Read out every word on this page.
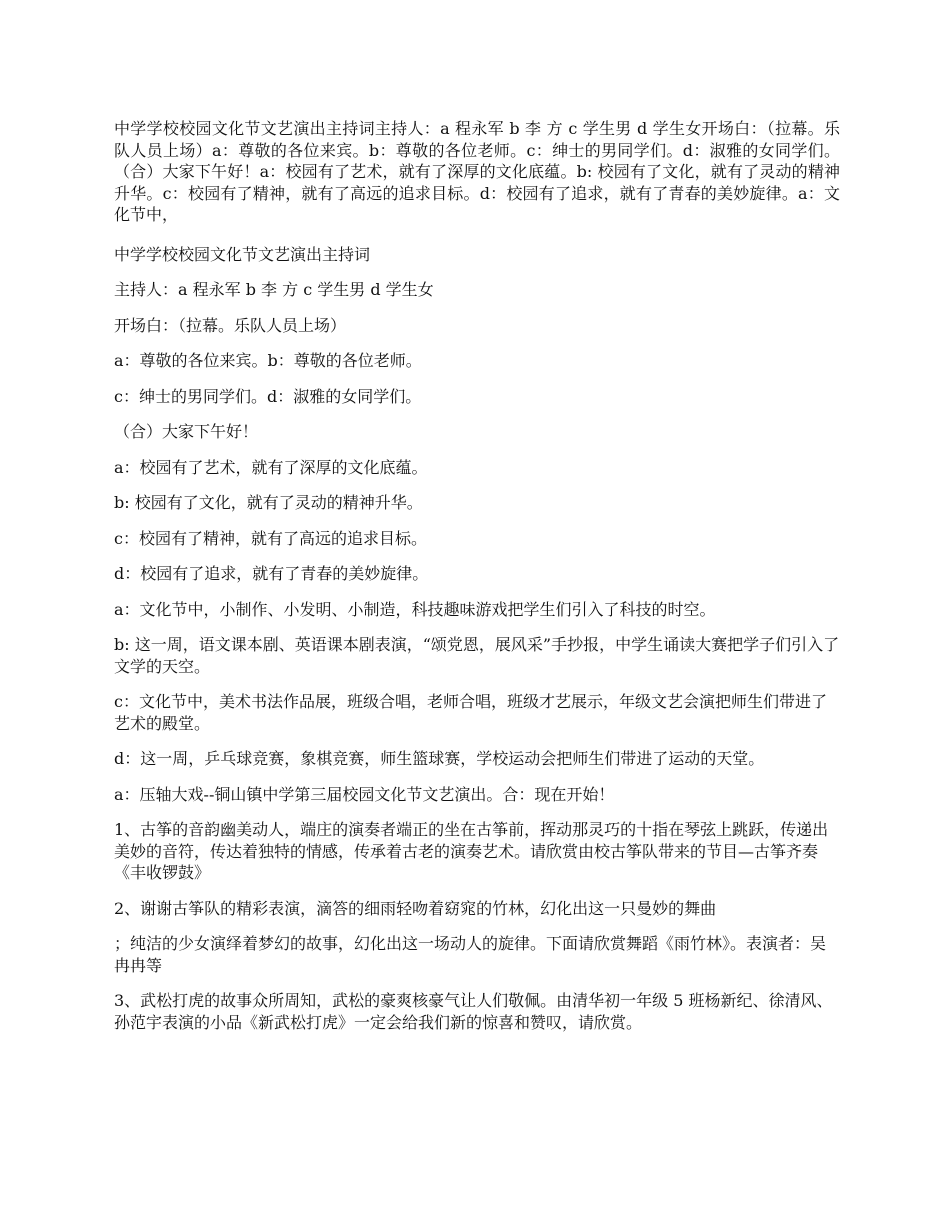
中学学校校园文化节文艺演出主持词主持人：a 程永军 b 李 方 c 学生男 d 学生女开场白：（拉幕。乐队人员上场）a：尊敬的各位来宾。b：尊敬的各位老师。c：绅士的男同学们。d：淑雅的女同学们。（合）大家下午好！a：校园有了艺术，就有了深厚的文化底蕴。b: 校园有了文化，就有了灵动的精神升华。c：校园有了精神，就有了高远的追求目标。d：校园有了追求，就有了青春的美妙旋律。a：文化节中，

中学学校校园文化节文艺演出主持词

主持人：a 程永军 b 李 方 c 学生男 d 学生女

开场白：（拉幕。乐队人员上场）

a：尊敬的各位来宾。b：尊敬的各位老师。

c：绅士的男同学们。d：淑雅的女同学们。

（合）大家下午好！

a：校园有了艺术，就有了深厚的文化底蕴。

b: 校园有了文化，就有了灵动的精神升华。

c：校园有了精神，就有了高远的追求目标。

d：校园有了追求，就有了青春的美妙旋律。

a：文化节中，小制作、小发明、小制造，科技趣味游戏把学生们引入了科技的时空。

b: 这一周，语文课本剧、英语课本剧表演，“颂党恩，展风采”手抄报，中学生诵读大赛把学子们引入了文学的天空。

c：文化节中，美术书法作品展，班级合唱，老师合唱，班级才艺展示，年级文艺会演把师生们带进了艺术的殿堂。

d：这一周，乒乓球竞赛，象棋竞赛，师生篮球赛，学校运动会把师生们带进了运动的天堂。

a：压轴大戏--铜山镇中学第三届校园文化节文艺演出。合：现在开始！

1、古筝的音韵幽美动人，端庄的演奏者端正的坐在古筝前，挥动那灵巧的十指在琴弦上跳跃，传递出美妙的音符，传达着独特的情感，传承着古老的演奏艺术。请欣赏由校古筝队带来的节目—古筝齐奏《丰收锣鼓》

2、谢谢古筝队的精彩表演，滴答的细雨轻吻着窈窕的竹林，幻化出这一只曼妙的舞曲

；纯洁的少女演绎着梦幻的故事，幻化出这一场动人的旋律。下面请欣赏舞蹈《雨竹林》。表演者：吴冉冉等

3、武松打虎的故事众所周知，武松的豪爽核豪气让人们敬佩。由清华初一年级 5 班杨新纪、徐清风、孙范宇表演的小品《新武松打虎》一定会给我们新的惊喜和赞叹，请欣赏。
